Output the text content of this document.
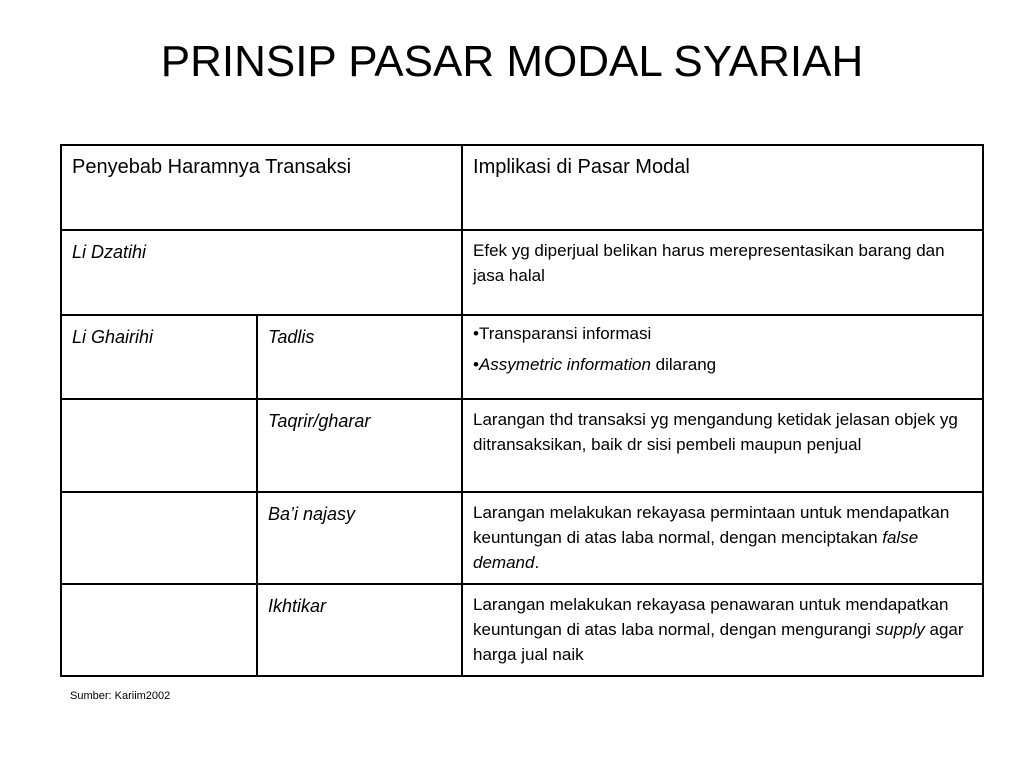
PRINSIP PASAR MODAL SYARIAH
Penyebab Haramnya Transaksi		Implikasi di Pasar Modal
Li Dzatihi		Efek yg diperjual belikan harus merepresentasikan barang dan jasa halal
Li Ghairihi	Tadlis	•Transparansi informasi
•Assymetric information dilarang

	Taqrir/gharar	Larangan thd transaksi yg mengandung ketidak jelasan objek yg ditransaksikan, baik dr sisi pembeli maupun penjual
	Ba’i najasy	Larangan melakukan rekayasa permintaan untuk mendapatkan keuntungan di atas laba normal, dengan menciptakan false demand.
	Ikhtikar	Larangan melakukan rekayasa penawaran untuk mendapatkan keuntungan di atas laba normal, dengan mengurangi supply agar harga jual naik
Sumber: Kariim2002
